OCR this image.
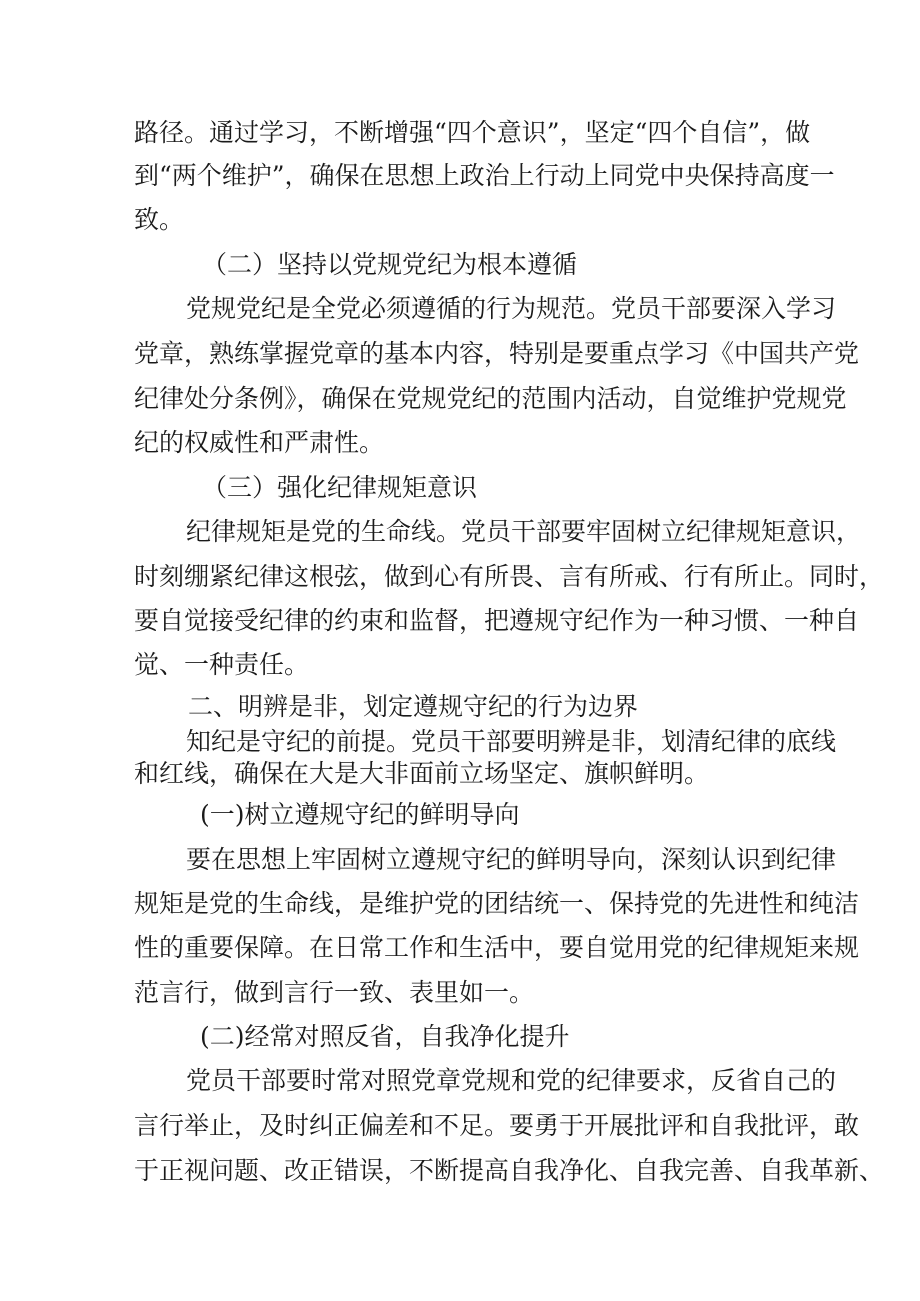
路径。通过学习，不断增强“四个意识”，坚定“四个自信”，做
到“两个维护”，确保在思想上政治上行动上同党中央保持高度一
致。
（二）坚持以党规党纪为根本遵循
党规党纪是全党必须遵循的行为规范。党员干部要深入学习
党章，熟练掌握党章的基本内容，特别是要重点学习《中国共产党
纪律处分条例》，确保在党规党纪的范围内活动，自觉维护党规党
纪的权威性和严肃性。
（三）强化纪律规矩意识
纪律规矩是党的生命线。党员干部要牢固树立纪律规矩意识，
时刻绷紧纪律这根弦，做到心有所畏、言有所戒、行有所止。同时，
要自觉接受纪律的约束和监督，把遵规守纪作为一种习惯、一种自
觉、一种责任。
二、明辨是非，划定遵规守纪的行为边界
知纪是守纪的前提。党员干部要明辨是非，划清纪律的底线
和红线，确保在大是大非面前立场坚定、旗帜鲜明。
(一)树立遵规守纪的鲜明导向
要在思想上牢固树立遵规守纪的鲜明导向，深刻认识到纪律
规矩是党的生命线，是维护党的团结统一、保持党的先进性和纯洁
性的重要保障。在日常工作和生活中，要自觉用党的纪律规矩来规
范言行，做到言行一致、表里如一。
(二)经常对照反省，自我净化提升
党员干部要时常对照党章党规和党的纪律要求，反省自己的
言行举止，及时纠正偏差和不足。要勇于开展批评和自我批评，敢
于正视问题、改正错误，不断提高自我净化、自我完善、自我革新、
